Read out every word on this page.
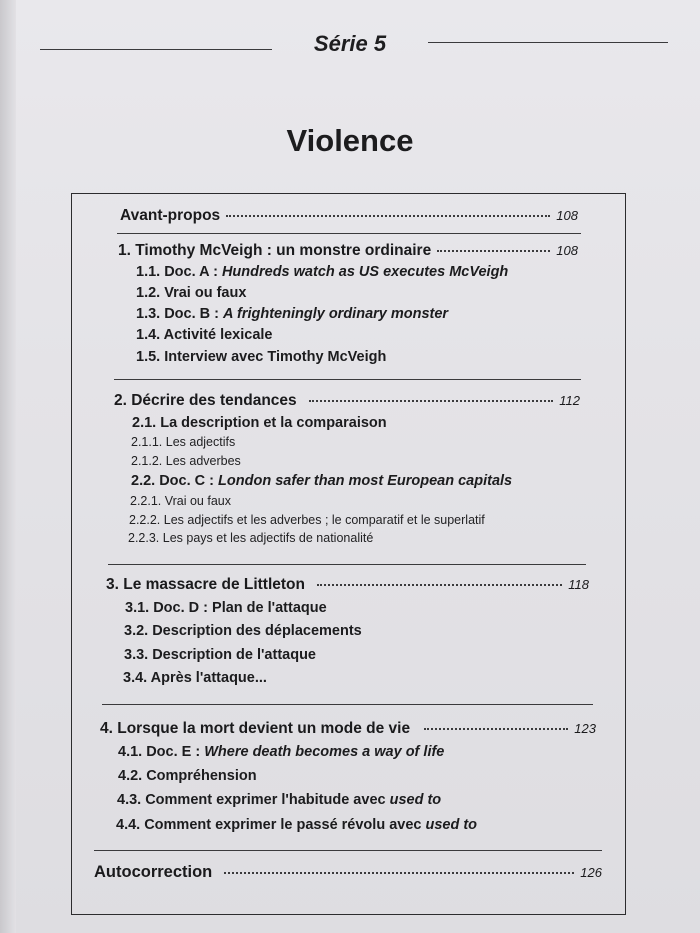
Série 5
Violence
Avant-propos	108
1. Timothy McVeigh : un monstre ordinaire	108
1.1. Doc. A : Hundreds watch as US executes McVeigh
1.2. Vrai ou faux
1.3. Doc. B : A frighteningly ordinary monster
1.4. Activité lexicale
1.5. Interview avec Timothy McVeigh
2. Décrire des tendances	112
2.1. La description et la comparaison
2.1.1. Les adjectifs
2.1.2. Les adverbes
2.2. Doc. C : London safer than most European capitals
2.2.1. Vrai ou faux
2.2.2. Les adjectifs et les adverbes ; le comparatif et le superlatif
2.2.3. Les pays et les adjectifs de nationalité
3. Le massacre de Littleton	118
3.1. Doc. D : Plan de l'attaque
3.2. Description des déplacements
3.3. Description de l'attaque
3.4. Après l'attaque...
4. Lorsque la mort devient un mode de vie	123
4.1. Doc. E : Where death becomes a way of life
4.2. Compréhension
4.3. Comment exprimer l'habitude avec used to
4.4. Comment exprimer le passé révolu avec used to
Autocorrection	126
